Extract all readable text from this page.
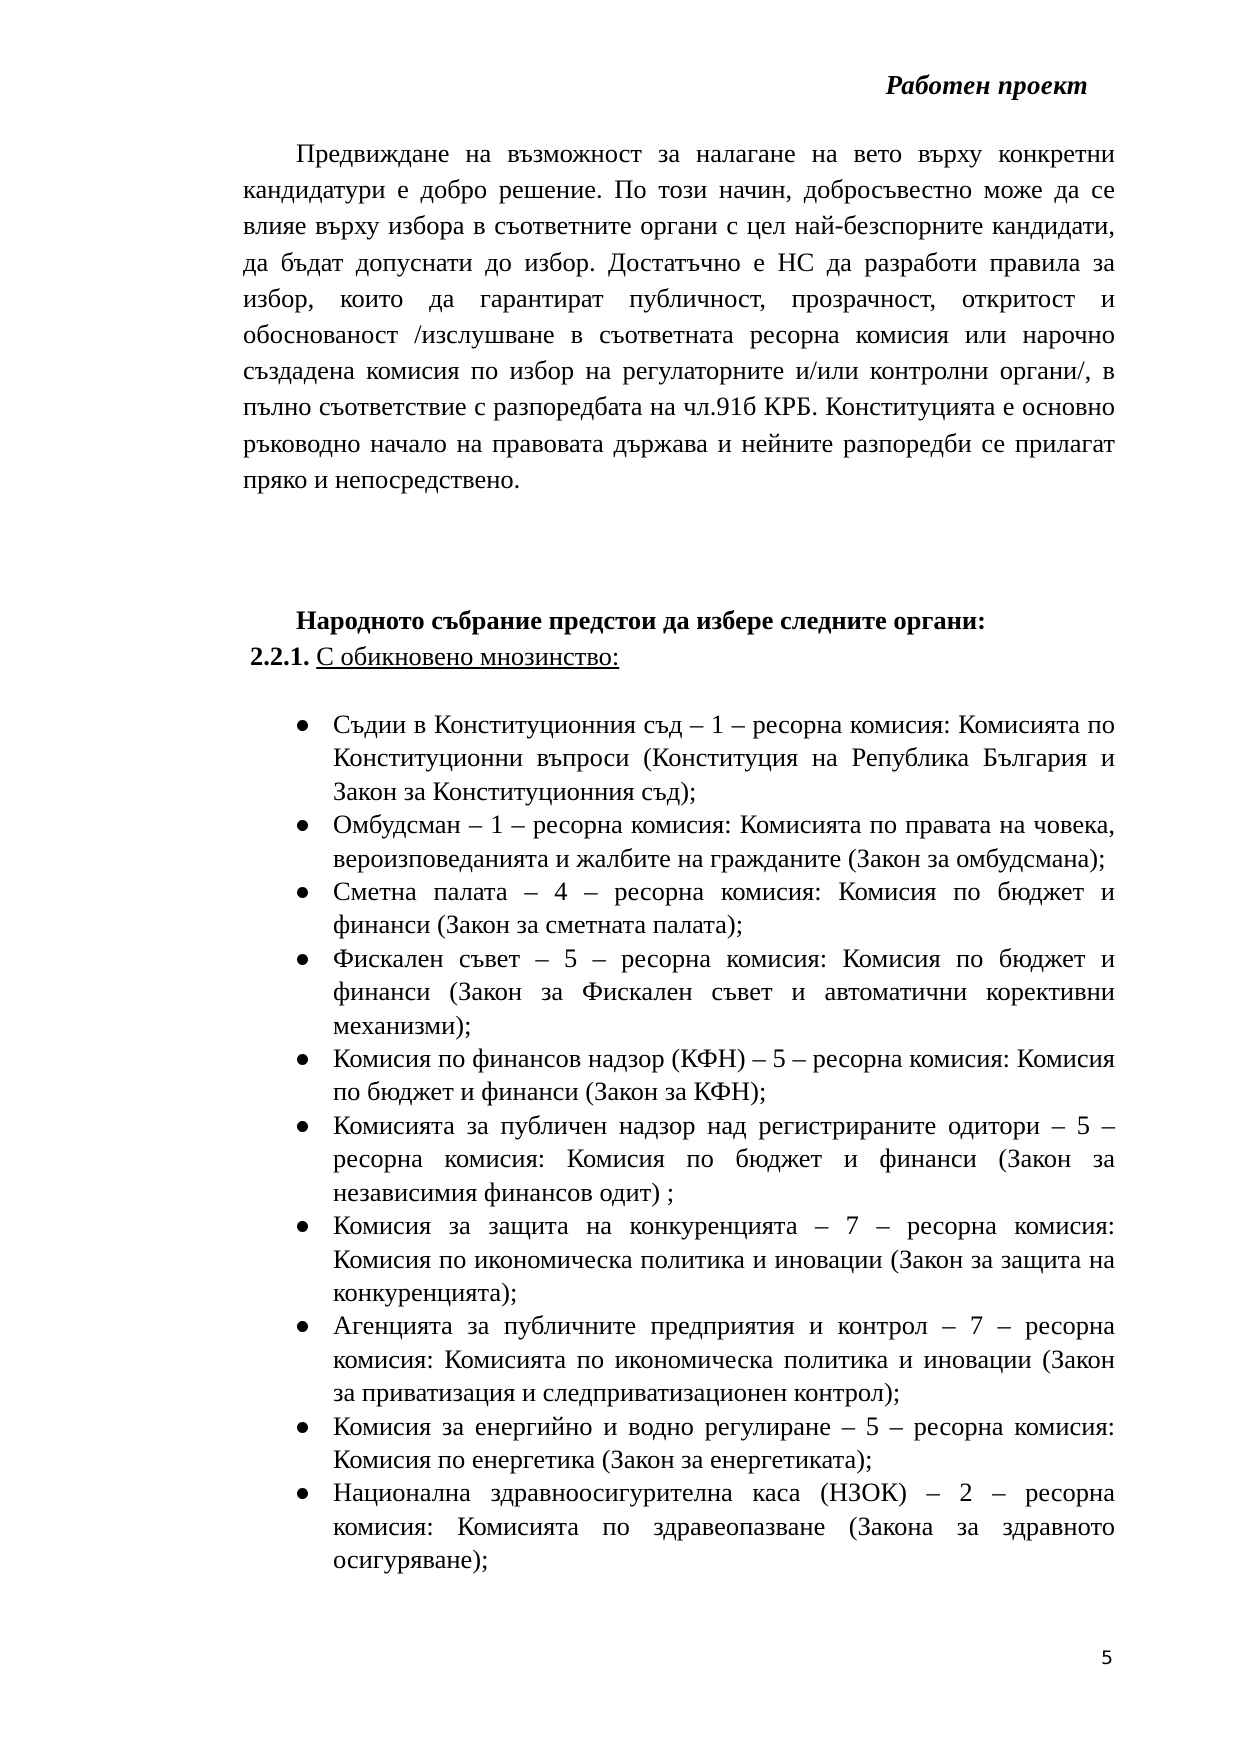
Работен проект

Предвиждане на възможност за налагане на вето върху конкретни кандидатури е добро решение. По този начин, добросъвестно може да се влияе върху избора в съответните органи с цел най-безспорните кандидати, да бъдат допуснати до избор. Достатъчно е НС да разработи правила за избор, които да гарантират публичност, прозрачност, откритост и обоснованост /изслушване в съответната ресорна комисия или нарочно създадена комисия по избор на регулаторните и/или контролни органи/, в пълно съответствие с разпоредбата на чл.91б КРБ. Конституцията е основно ръководно начало на правовата държава и нейните разпоредби се прилагат пряко и непосредствено.

Народното събрание предстои да избере следните органи:

2.2.1. С обикновено мнозинство:

Съдии в Конституционния съд – 1 – ресорна комисия: Комисията по Конституционни въпроси (Конституция на Република България и Закон за Конституционния съд);
Омбудсман – 1 – ресорна комисия: Комисията по правата на човека, вероизповеданията и жалбите на гражданите (Закон за омбудсмана);
Сметна палата – 4 – ресорна комисия: Комисия по бюджет и финанси (Закон за сметната палата);
Фискален съвет – 5 – ресорна комисия: Комисия по бюджет и финанси (Закон за Фискален съвет и автоматични корективни механизми);
Комисия по финансов надзор (КФН) – 5 – ресорна комисия: Комисия по бюджет и финанси (Закон за КФН);
Комисията за публичен надзор над регистрираните одитори – 5 – ресорна комисия: Комисия по бюджет и финанси (Закон за независимия финансов одит) ;
Комисия за защита на конкуренцията – 7 – ресорна комисия: Комисия по икономическа политика и иновации (Закон за защита на конкуренцията);
Агенцията за публичните предприятия и контрол – 7 – ресорна комисия: Комисията по икономическа политика и иновации (Закон за приватизация и следприватизационен контрол);
Комисия за енергийно и водно регулиране – 5 – ресорна комисия: Комисия по енергетика (Закон за енергетиката);
Национална здравноосигурителна каса (НЗОК) – 2 – ресорна комисия: Комисията по здравеопазване (Закона за здравното осигуряване);
5
